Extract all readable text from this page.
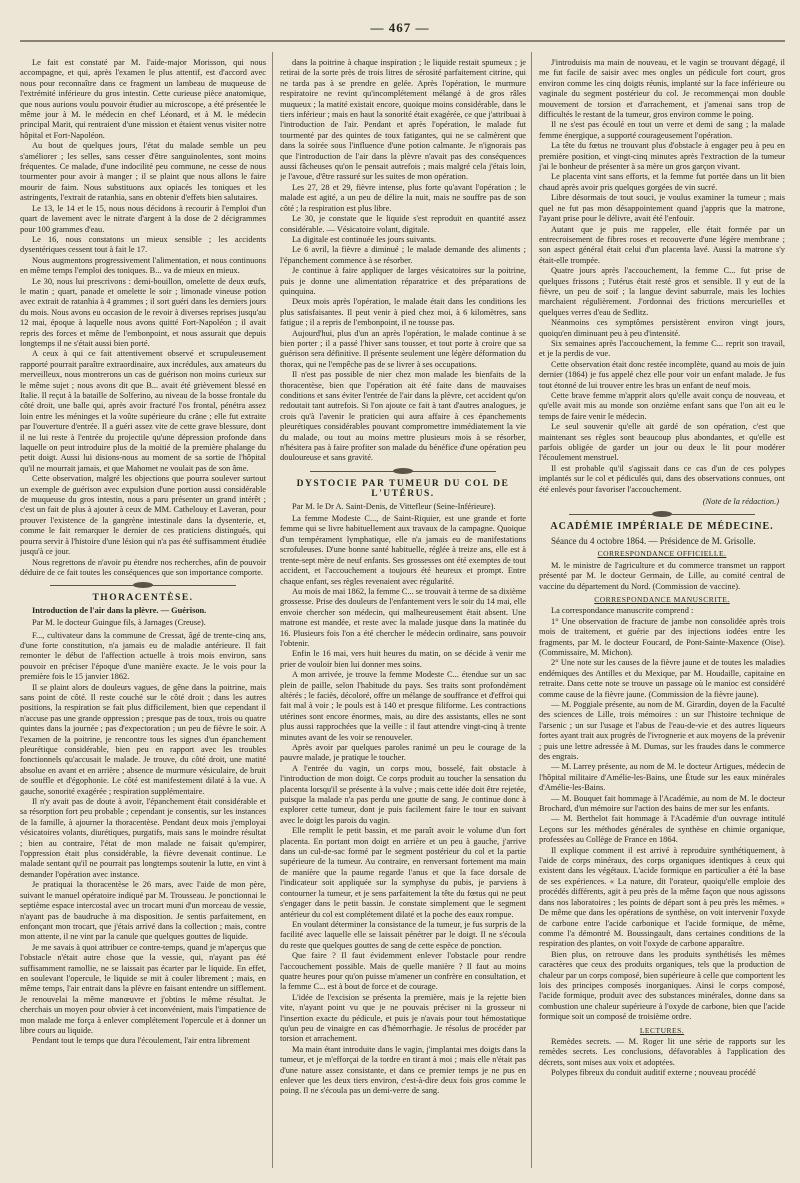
— 467 —

Le fait est constaté par M. l'aide-major Morisson, qui nous accompagne, et qui, après l'examen le plus attentif, est d'accord avec nous pour reconnaître dans ce fragment un lambeau de muqueuse de l'extrémité inférieure du gros intestin. Cette curieuse pièce anatomique, que nous aurions voulu pouvoir étudier au microscope, a été présentée le même jour à M. le médecin en chef Léonard, et à M. le médecin principal Marit, qui rentraient d'une mission et étaient venus visiter notre hôpital et Fort-Napoléon.

Au bout de quelques jours, l'état du malade semble un peu s'améliorer ; les selles, sans cesser d'être sanguinolentes, sont moins fréquentes. Ce malade, d'une indocilité peu commune, ne cesse de nous tourmenter pour avoir à manger ; il se plaint que nous allons le faire mourir de faim. Nous substituons aux opiacés les toniques et les astringents, l'extrait de ratanhia, sans en obtenir d'effets bien salutaires.

Le 13, le 14 et le 15, nous nous décidons à recourir à l'emploi d'un quart de lavement avec le nitrate d'argent à la dose de 2 décigrammes pour 100 grammes d'eau.

Le 16, nous constatons un mieux sensible ; les accidents dysentériques cessent tout à fait le 17.

Nous augmentons progressivement l'alimentation, et nous continuons en même temps l'emploi des toniques. B... va de mieux en mieux.

Le 30, nous lui prescrivons : demi-bouillon, omelette de deux œufs, le matin ; quart, panade et omelette le soir ; limonade vineuse potion avec extrait de ratanhia à 4 grammes ; il sort guéri dans les derniers jours du mois. Nous avons eu occasion de le revoir à diverses reprises jusqu'au 12 mai, époque à laquelle nous avons quitté Fort-Napoléon ; il avait repris des forces et même de l'embonpoint, et nous assurait que depuis longtemps il ne s'était aussi bien porté.

A ceux à qui ce fait attentivement observé et scrupuleusement rapporté pourrait paraître extraordinaire, aux incrédules, aux amateurs du merveilleux, nous montrerons un cas de guérison non moins curieux sur le même sujet ; nous avons dit que B... avait été grièvement blessé en Italie. Il reçut à la bataille de Solferino, au niveau de la bosse frontale du côté droit, une balle qui, après avoir fracturé l'os frontal, pénétra assez loin entre les méninges et la voûte supérieure du crâne ; elle fut extraite par l'ouverture d'entrée. Il a guéri assez vite de cette grave blessure, dont il ne lui reste à l'entrée du projectile qu'une dépression profonde dans laquelle on peut introduire plus de la moitié de la première phalange du petit doigt. Aussi lui disions-nous au moment de sa sortie de l'hôpital qu'il ne mourrait jamais, et que Mahomet ne voulait pas de son âme.

Cette observation, malgré les objections que pourra soulever surtout un exemple de guérison avec expulsion d'une portion aussi considérable de muqueuse du gros intestin, nous a paru présenter un grand intérêt ; c'est un fait de plus à ajouter à ceux de MM. Cathelouy et Laveran, pour prouver l'existence de la gangrène intestinale dans la dysenterie, et, comme le fait remarquer le dernier de ces praticiens distingués, qui pourra servir à l'histoire d'une lésion qui n'a pas été suffisamment étudiée jusqu'à ce jour.

Nous regrettons de n'avoir pu étendre nos recherches, afin de pouvoir déduire de ce fait toutes les conséquences que son importance comporte.

THORACENTÈSE.
Introduction de l'air dans la plèvre. — Guérison.
Par M. le docteur Guingue fils, à Jarnages (Creuse).

F..., cultivateur dans la commune de Cressat, âgé de trente-cinq ans, d'une forte constitution, n'a jamais eu de maladie antérieure. Il fait remonter le début de l'affection actuelle à trois mois environ, sans pouvoir en préciser l'époque d'une manière exacte. Je le vois pour la première fois le 15 janvier 1862.

Il se plaint alors de douleurs vagues, de gêne dans la poitrine, mais sans point de côté. Il reste couché sur le côté droit ; dans les autres positions, la respiration se fait plus difficilement, bien que cependant il n'accuse pas une grande oppression ; presque pas de toux, trois ou quatre quintes dans la journée ; pas d'expectoration ; un peu de fièvre le soir. A l'examen de la poitrine, je rencontre tous les signes d'un épanchement pleurétique considérable, bien peu en rapport avec les troubles fonctionnels qu'accusait le malade. Je trouve, du côté droit, une matité absolue en avant et en arrière ; absence de murmure vésiculaire, de bruit de souffle et d'égophonie. Le côté est manifestement dilaté à la vue. A gauche, sonorité exagérée ; respiration supplémentaire.

Il n'y avait pas de doute à avoir, l'épanchement était considérable et sa résorption fort peu probable ; cependant je consentis, sur les instances de la famille, à ajourner la thoracentèse. Pendant deux mois j'employai vésicatoires volants, diurétiques, purgatifs, mais sans le moindre résultat ; bien au contraire, l'état de mon malade ne faisait qu'empirer, l'oppression était plus considérable, la fièvre devenait continue. Le malade sentant qu'il ne pourrait pas longtemps soutenir la lutte, en vint à demander l'opération avec instance.

Je pratiquai la thoracentèse le 26 mars, avec l'aide de mon père, suivant le manuel opératoire indiqué par M. Trousseau. Je ponctionnai le septième espace intercostal avec un trocart muni d'un morceau de vessie, n'ayant pas de baudruche à ma disposition. Je sentis parfaitement, en enfonçant mon trocart, que j'étais arrivé dans la collection ; mais, contre mon attente, il ne vint par la canule que quelques gouttes de liquide.

Je me savais à quoi attribuer ce contre-temps, quand je m'aperçus que l'obstacle n'était autre chose que la vessie, qui, n'ayant pas été suffisamment ramollie, ne se laissait pas écarter par le liquide. En effet, en soulevant l'opercule, le liquide se mit à couler librement ; mais, en même temps, l'air entrait dans la plèvre en faisant entendre un sifflement. Je renouvelai la même manœuvre et j'obtins le même résultat. Je cherchais un moyen pour obvier à cet inconvénient, mais l'impatience de mon malade me força à enlever complétement l'opercule et à donner un libre cours au liquide.

Pendant tout le temps que dura l'écoulement, l'air entra librement

dans la poitrine à chaque inspiration ; le liquide restait spumeux ; je retirai de la sorte près de trois litres de sérosité parfaitement citrine, qui ne tarda pas à se prendre en gelée. Après l'opération, le murmure respiratoire ne revint qu'incomplétement mélangé à de gros râles muqueux ; la matité existait encore, quoique moins considérable, dans le tiers inférieur ; mais en haut la sonorité était exagérée, ce que j'attribuai à l'introduction de l'air. Pendant et après l'opération, le malade fut tourmenté par des quintes de toux fatigantes, qui ne se calmèrent que dans la soirée sous l'influence d'une potion calmante. Je n'ignorais pas que l'introduction de l'air dans la plèvre n'avait pas des conséquences aussi fâcheuses qu'on le pensait autrefois ; mais malgré cela j'étais loin, je l'avoue, d'être rassuré sur les suites de mon opération.

Les 27, 28 et 29, fièvre intense, plus forte qu'avant l'opération ; le malade est agité, a un peu de délire la nuit, mais ne souffre pas de son côté ; la respiration est plus libre.

Le 30, je constate que le liquide s'est reproduit en quantité assez considérable. — Vésicatoire volant, digitale.

La digitale est continuée les jours suivants.

Le 6 avril, la fièvre a diminué ; le malade demande des aliments ; l'épanchement commence à se résorber.

Je continue à faire appliquer de larges vésicatoires sur la poitrine, puis je donne une alimentation réparatrice et des préparations de quinquina.

Deux mois après l'opération, le malade était dans les conditions les plus satisfaisantes. Il peut venir à pied chez moi, à 6 kilomètres, sans fatigue ; il a repris de l'embonpoint, il ne tousse pas.

Aujourd'hui, plus d'un an après l'opération, le malade continue à se bien porter ; il a passé l'hiver sans tousser, et tout porte à croire que sa guérison sera définitive. Il présente seulement une légère déformation du thorax, qui ne l'empêche pas de se livrer à ses occupations.

Il n'est pas possible de nier chez mon malade les bienfaits de la thoracentèse, bien que l'opération ait été faite dans de mauvaises conditions et sans éviter l'entrée de l'air dans la plèvre, cet accident qu'on redoutait tant autrefois. Si l'on ajoute ce fait à tant d'autres analogues, je crois qu'à l'avenir le praticien qui aura affaire à ces épanchements pleurétiques considérables pouvant compromettre immédiatement la vie du malade, ou tout au moins mettre plusieurs mois à se résorber, n'hésitera pas à faire profiter son malade du bénéfice d'une opération peu douloureuse et sans gravité.

DYSTOCIE PAR TUMEUR DU COL DE L'UTÉRUS.
Par M. le Dr A. Saint-Denis, de Vittefleur (Seine-Inférieure).

La femme Modeste C..., de Saint-Riquier, est une grande et forte femme qui se livre habituellement aux travaux de la campagne. Quoique d'un tempérament lymphatique, elle n'a jamais eu de manifestations scrofuleuses. D'une bonne santé habituelle, réglée à treize ans, elle est à trente-sept mère de neuf enfants. Ses grossesses ont été exemptes de tout accident, et l'accouchement a toujours été heureux et prompt. Entre chaque enfant, ses règles revenaient avec régularité.

Au mois de mai 1862, la femme C... se trouvait à terme de sa dixième grossesse. Prise des douleurs de l'enfantement vers le soir du 14 mai, elle envoie chercher son médecin, qui malheureusement était absent. Une matrone est mandée, et reste avec la malade jusque dans la matinée du 16. Plusieurs fois l'on a été chercher le médecin ordinaire, sans pouvoir l'obtenir.

Enfin le 16 mai, vers huit heures du matin, on se décide à venir me prier de vouloir bien lui donner mes soins.

A mon arrivée, je trouve la femme Modeste C... étendue sur un sac plein de paille, selon l'habitude du pays. Ses traits sont profondément altérés ; le faciès, décoloré, offre un mélange de souffrance et d'effroi qui fait mal à voir ; le pouls est à 140 et presque filiforme. Les contractions utérines sont encore énormes, mais, au dire des assistants, elles ne sont plus aussi rapprochées que la veille : il faut attendre vingt-cinq à trente minutes avant de les voir se renouveler.

Après avoir par quelques paroles ranimé un peu le courage de la pauvre malade, je pratique le toucher.

A l'entrée du vagin, un corps mou, bosselé, fait obstacle à l'introduction de mon doigt. Ce corps produit au toucher la sensation du placenta lorsqu'il se présente à la vulve ; mais cette idée doit être rejetée, puisque la malade n'a pas perdu une goutte de sang. Je continue donc à explorer cette tumeur, dont je puis facilement faire le tour en suivant avec le doigt les parois du vagin.

Elle remplit le petit bassin, et me paraît avoir le volume d'un fort placenta. En portant mon doigt en arrière et un peu à gauche, j'arrive dans un cul-de-sac formé par le segment postérieur du col et la partie supérieure de la tumeur. Au contraire, en renversant fortement ma main de manière que la paume regarde l'anus et que la face dorsale de l'indicateur soit appliquée sur la symphyse du pubis, je parviens à contourner la tumeur, et je sens parfaitement la tête du fœtus qui ne peut s'engager dans le petit bassin. Je constate simplement que le segment antérieur du col est complétement dilaté et la poche des eaux rompue.

En voulant déterminer la consistance de la tumeur, je fus surpris de la facilité avec laquelle elle se laissait pénétrer par le doigt. Il ne s'écoula du reste que quelques gouttes de sang de cette espèce de ponction.

Que faire ? Il faut évidemment enlever l'obstacle pour rendre l'accouchement possible. Mais de quelle manière ? Il faut au moins quatre heures pour qu'on puisse m'amener un confrère en consultation, et la femme C... est à bout de force et de courage.

L'idée de l'excision se présenta la première, mais je la rejette bien vite, n'ayant point vu que je ne pouvais préciser ni la grosseur ni l'insertion exacte du pédicule, et puis je n'avais pour tout hémostatique qu'un peu de vinaigre en cas d'hémorrhagie. Je résolus de procéder par torsion et arrachement.

Ma main étant introduite dans le vagin, j'implantai mes doigts dans la tumeur, et je m'efforçai de la tordre en tirant à moi ; mais elle n'était pas d'une nature assez consistante, et dans ce premier temps je ne pus en enlever que les deux tiers environ, c'est-à-dire deux fois gros comme le poing. Il ne s'écoula pas un demi-verre de sang.

J'introduisis ma main de nouveau, et le vagin se trouvant dégagé, il me fut facile de saisir avec mes ongles un pédicule fort court, gros environ comme les cinq doigts réunis, implanté sur la face inférieure ou vaginale du segment postérieur du col. Je recommençai mon double mouvement de torsion et d'arrachement, et j'amenai sans trop de difficultés le restant de la tumeur, gros environ comme le poing.

Il ne s'est pas écoulé en tout un verre et demi de sang ; la malade femme énergique, a supporté courageusement l'opération.

La tête du fœtus ne trouvant plus d'obstacle à engager peu à peu en première position, et vingt-cinq minutes après l'extraction de la tumeur j'ai le bonheur de présenter à sa mère un gros garçon vivant.

Le placenta vint sans efforts, et la femme fut portée dans un lit bien chaud après avoir pris quelques gorgées de vin sucré.

Libre désormais de tout souci, je voulus examiner la tumeur ; mais quel ne fut pas mon désappointement quand j'appris que la matrone, l'ayant prise pour le délivre, avait été l'enfouir.

Autant que je puis me rappeler, elle était formée par un entrecroisement de fibres roses et recouverte d'une légère membrane ; son aspect général était celui d'un placenta lavé. Aussi la matrone s'y était-elle trompée.

Quatre jours après l'accouchement, la femme C... fut prise de quelques frissons ; l'utérus était resté gros et sensible. Il y eut de la fièvre, un peu de soif ; la langue devint saburrale, mais les lochies marchaient régulièrement. J'ordonnai des frictions mercurielles et quelques verres d'eau de Sedlitz.

Néanmoins ces symptômes persistèrent environ vingt jours, quoiqu'en diminuant peu à peu d'intensité.

Six semaines après l'accouchement, la femme C... reprit son travail, et je la perdis de vue.

Cette observation était donc restée incomplète, quand au mois de juin dernier (1864) je fus appelé chez elle pour voir un enfant malade. Je fus tout étonné de lui trouver entre les bras un enfant de neuf mois.

Cette brave femme m'apprit alors qu'elle avait conçu de nouveau, et qu'elle avait mis au monde son onzième enfant sans que l'on ait eu le temps de faire venir le médecin.

Le seul souvenir qu'elle ait gardé de son opération, c'est que maintenant ses règles sont beaucoup plus abondantes, et qu'elle est parfois obligée de garder un jour ou deux le lit pour modérer l'écoulement menstruel.

Il est probable qu'il s'agissait dans ce cas d'un de ces polypes implantés sur le col et pédiculés qui, dans des observations connues, ont été enlevés pour favoriser l'accouchement.

(Note de la rédaction.)
ACADÉMIE IMPÉRIALE DE MÉDECINE.
Séance du 4 octobre 1864. — Présidence de M. Grisolle.
CORRESPONDANCE OFFICIELLE.

M. le ministre de l'agriculture et du commerce transmet un rapport présenté par M. le docteur Germain, de Lille, au comité central de vaccine du département du Nord. (Commission de vaccine).

CORRESPONDANCE MANUSCRITE.

La correspondance manuscrite comprend :

1° Une observation de fracture de jambe non consolidée après trois mois de traitement, et guérie par des injections iodées entre les fragments, par M. le docteur Foucard, de Pont-Sainte-Maxence (Oise). (Commissaire, M. Michon).

2° Une note sur les causes de la fièvre jaune et de toutes les maladies endémiques des Antilles et du Mexique, par M. Houdaille, capitaine en retraite. Dans cette note se trouve un passage où le manioc est considéré comme cause de la fièvre jaune. (Commission de la fièvre jaune).

— M. Poggiale présente, au nom de M. Girardin, doyen de la Faculté des sciences de Lille, trois mémoires : un sur l'histoire technique de l'arsenic ; un sur l'usage et l'abus de l'eau-de-vie et des autres liqueurs fortes ayant trait aux progrès de l'ivrognerie et aux moyens de la prévenir ; puis une lettre adressée à M. Dumas, sur les fraudes dans le commerce des engrais.

— M. Larrey présente, au nom de M. le docteur Artigues, médecin de l'hôpital militaire d'Amélie-les-Bains, une Étude sur les eaux minérales d'Amélie-les-Bains.

— M. Bouquet fait hommage à l'Académie, au nom de M. le docteur Brochard, d'un mémoire sur l'action des bains de mer sur les enfants.

— M. Berthelot fait hommage à l'Académie d'un ouvrage intitulé Leçons sur les méthodes générales de synthèse en chimie organique, professées au Collège de France en 1864.

Il explique comment il est arrivé à reproduire synthétiquement, à l'aide de corps minéraux, des corps organiques identiques à ceux qui existent dans les végétaux. L'acide formique en particulier a été la base de ses expériences. « La nature, dit l'orateur, quoiqu'elle emploie des procédés différents, agit à peu près de la même façon que nous agissons dans nos laboratoires ; les points de départ sont à peu près les mêmes. » De même que dans les opérations de synthèse, on voit intervenir l'oxyde de carbone entre l'acide carbonique et l'acide formique, de même, comme l'a démontré M. Boussingault, dans certaines conditions de la respiration des plantes, on voit l'oxyde de carbone apparaître.

Bien plus, on retrouve dans les produits synthétisés les mêmes caractères que ceux des produits organiques, tels que la production de chaleur par un corps composé, bien supérieure à celle que comportent les lois des principes composés inorganiques. Ainsi le corps composé, l'acide formique, produit avec des substances minérales, donne dans sa combustion une chaleur supérieure à l'oxyde de carbone, bien que l'acide formique soit un composé de troisième ordre.

LECTURES.

Remèdes secrets. — M. Roger lit une série de rapports sur les remèdes secrets. Les conclusions, défavorables à l'application des décrets, sont mises aux voix et adoptées.

Polypes fibreux du conduit auditif externe ; nouveau procédé
